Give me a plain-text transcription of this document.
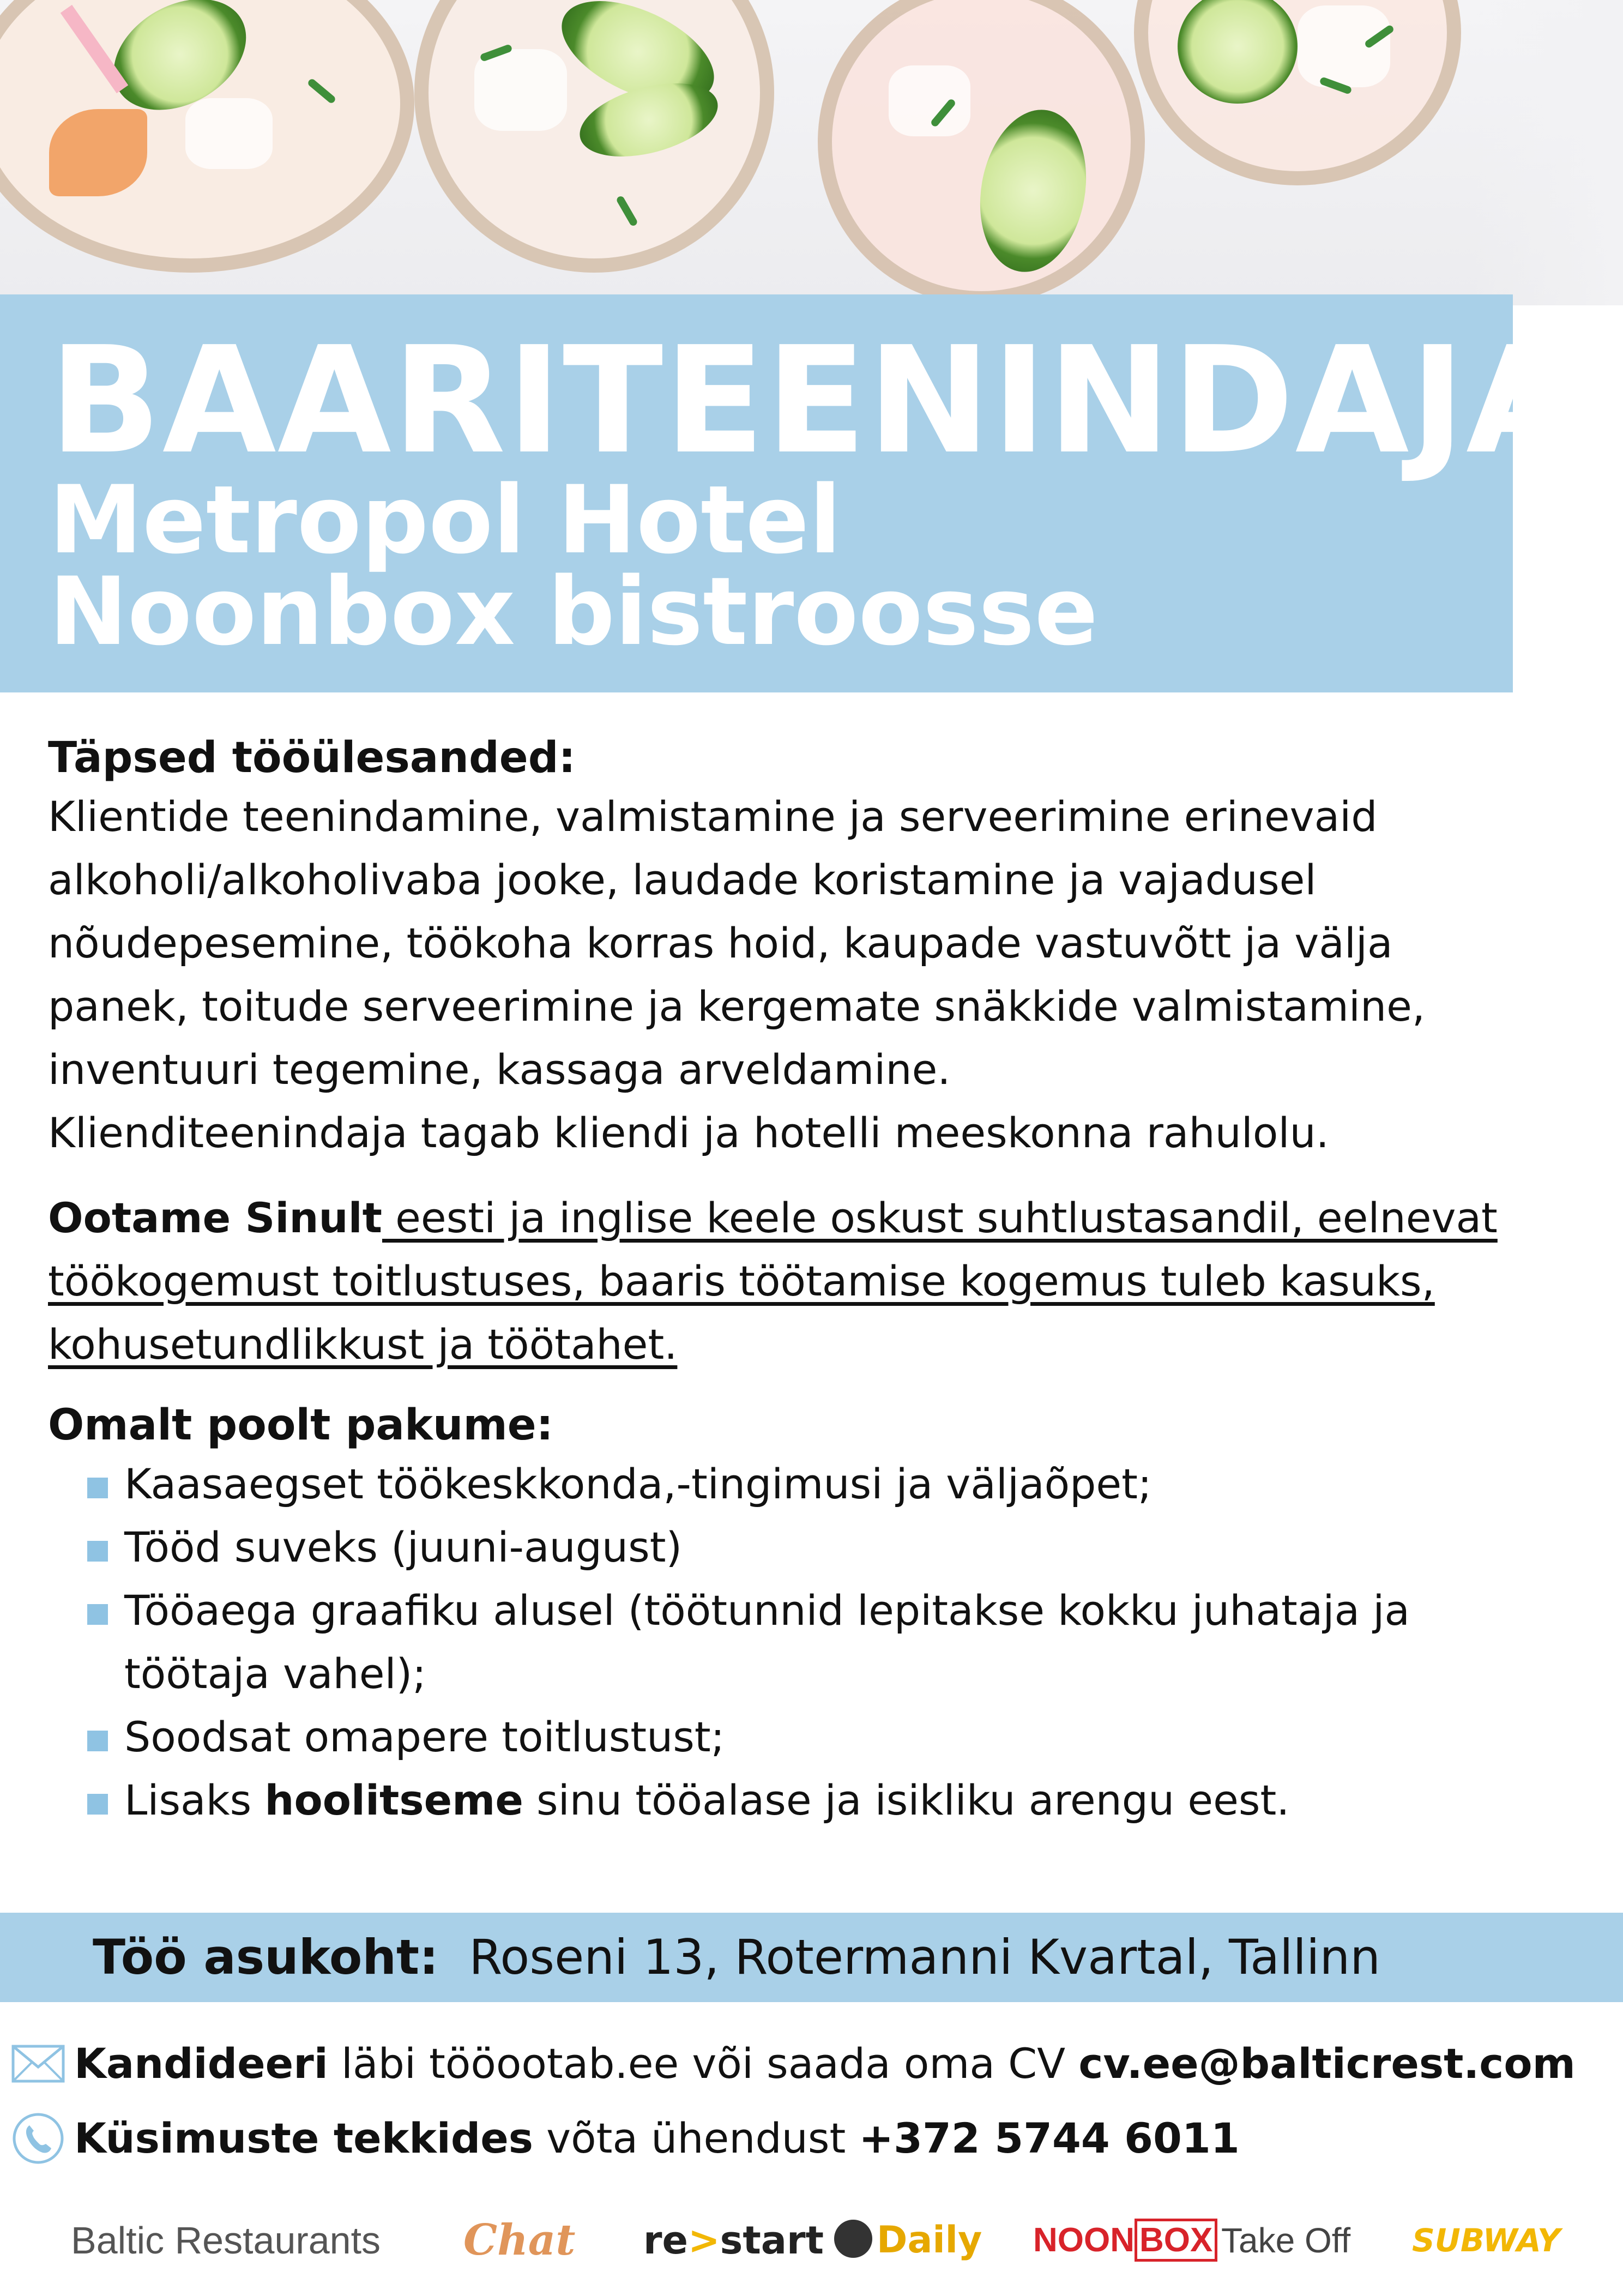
BAARITEENINDAJA
Metropol Hotel
Noonbox bistroosse

Täpsed tööülesanded:

Klientide teenindamine, valmistamine ja serveerimine erinevaid

alkoholi/alkoholivaba jooke, laudade koristamine ja vajadusel

nõudepesemine, töökoha korras hoid, kaupade vastuvõtt ja välja

panek, toitude serveerimine ja kergemate snäkkide valmistamine,

inventuuri tegemine, kassaga arveldamine.

Klienditeenindaja tagab kliendi ja hotelli meeskonna rahulolu.

Ootame Sinult eesti ja inglise keele oskust suhtlustasandil, eelnevat

töökogemust toitlustuses, baaris töötamise kogemus tuleb kasuks,

kohusetundlikkust ja töötahet.

Omalt poolt pakume:

Kaasaegset töökeskkonda,-tingimusi ja väljaõpet;
Tööd suveks (juuni-august)
Tööaega graafiku alusel (töötunnid lepitakse kokku juhataja ja
töötaja vahel);
Soodsat omapere toitlustust;
Lisaks hoolitseme sinu tööalase ja isikliku arengu eest.
Töö asukoht: Roseni 13, Rotermanni Kvartal, Tallinn
Kandideeri läbi tööootab.ee või saada oma CV cv.ee@balticrest.com
Küsimuste tekkides võta ühendust +372 5744 6011
Baltic Restaurants Chat re>start	Daily NOON BOX Take Off SUBWAY
